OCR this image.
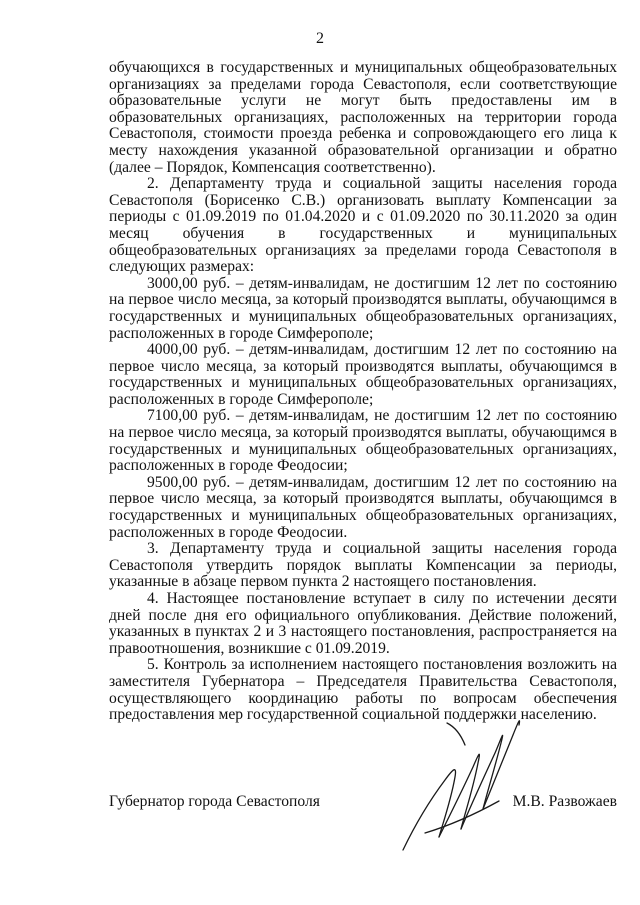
2

обучающихся в государственных и муниципальных общеобразовательных организациях за пределами города Севастополя, если соответствующие образовательные услуги не могут быть предоставлены им в образовательных организациях, расположенных на территории города Севастополя, стоимости проезда ребенка и сопровождающего его лица к месту нахождения указанной образовательной организации и обратно (далее – Порядок, Компенсация соответственно).

2. Департаменту труда и социальной защиты населения города Севастополя (Борисенко С.В.) организовать выплату Компенсации за периоды с 01.09.2019 по 01.04.2020 и с 01.09.2020 по 30.11.2020 за один месяц обучения в государственных и муниципальных общеобразовательных организациях за пределами города Севастополя в следующих размерах:

3000,00 руб. – детям-инвалидам, не достигшим 12 лет по состоянию на первое число месяца, за который производятся выплаты, обучающимся в государственных и муниципальных общеобразовательных организациях, расположенных в городе Симферополе;

4000,00 руб. – детям-инвалидам, достигшим 12 лет по состоянию на первое число месяца, за который производятся выплаты, обучающимся в государственных и муниципальных общеобразовательных организациях, расположенных в городе Симферополе;

7100,00 руб. – детям-инвалидам, не достигшим 12 лет по состоянию на первое число месяца, за который производятся выплаты, обучающимся в государственных и муниципальных общеобразовательных организациях, расположенных в городе Феодосии;

9500,00 руб. – детям-инвалидам, достигшим 12 лет по состоянию на первое число месяца, за который производятся выплаты, обучающимся в государственных и муниципальных общеобразовательных организациях, расположенных в городе Феодосии.

3. Департаменту труда и социальной защиты населения города Севастополя утвердить порядок выплаты Компенсации за периоды, указанные в абзаце первом пункта 2 настоящего постановления.

4. Настоящее постановление вступает в силу по истечении десяти дней после дня его официального опубликования. Действие положений, указанных в пунктах 2 и 3 настоящего постановления, распространяется на правоотношения, возникшие с 01.09.2019.

5. Контроль за исполнением настоящего постановления возложить на заместителя Губернатора – Председателя Правительства Севастополя, осуществляющего координацию работы по вопросам обеспечения предоставления мер государственной социальной поддержки населению.

Губернатор города Севастополя	М.В. Развожаев
